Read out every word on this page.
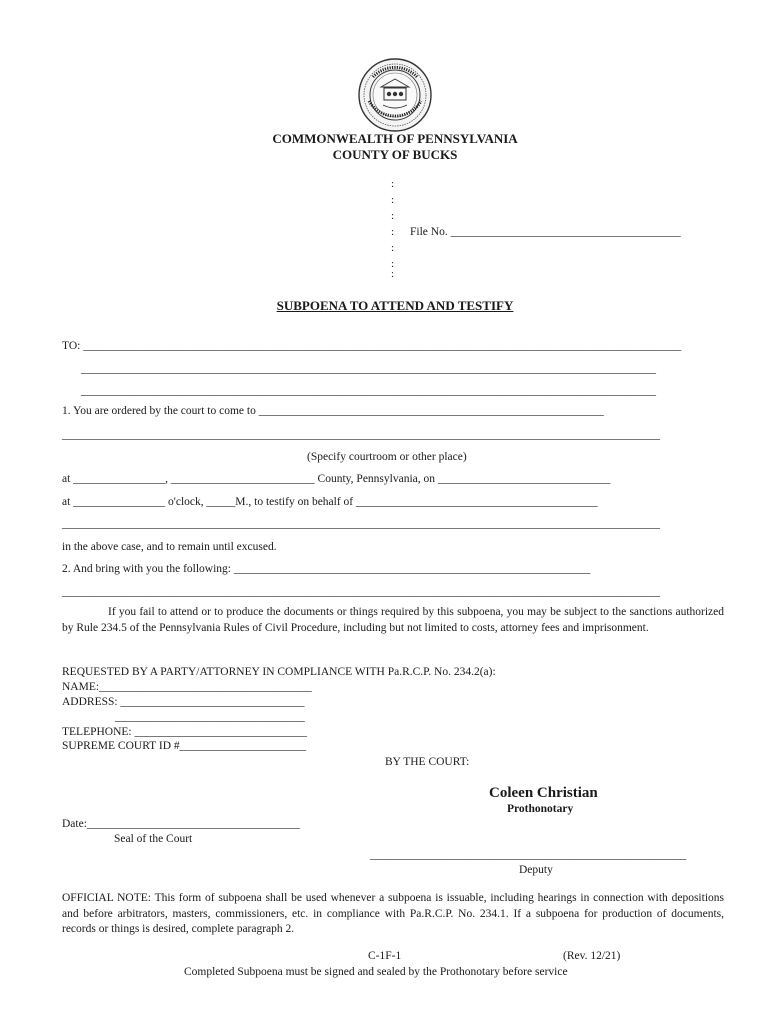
COMMONWEALTH OF PENNSYLVANIA
COUNTY OF BUCKS
:
:
:
:
:
:
:
File No. ________________________________________
SUBPOENA TO ATTEND AND TESTIFY
TO: ________________________________________________________________________________________________________
____________________________________________________________________________________________________
____________________________________________________________________________________________________
1. You are ordered by the court to come to ____________________________________________________________
________________________________________________________________________________________________________
(Specify courtroom or other place)
at ________________, _________________________ County, Pennsylvania, on ______________________________
at ________________ o'clock, _____M., to testify on behalf of __________________________________________
________________________________________________________________________________________________________
in the above case, and to remain until excused.
2. And bring with you the following: ______________________________________________________________
________________________________________________________________________________________________________
If you fail to attend or to produce the documents or things required by this subpoena, you may be subject to the sanctions authorized by Rule 234.5 of the Pennsylvania Rules of Civil Procedure, including but not limited to costs, attorney fees and imprisonment.
REQUESTED BY A PARTY/ATTORNEY IN COMPLIANCE WITH Pa.R.C.P. No. 234.2(a):
NAME:_____________________________________
ADDRESS: ________________________________
_________________________________
TELEPHONE: ______________________________
SUPREME COURT ID #______________________
BY THE COURT:
Coleen Christian
Prothonotary
Date:_____________________________________
Seal of the Court
_______________________________________________________
Deputy
OFFICIAL NOTE: This form of subpoena shall be used whenever a subpoena is issuable, including hearings in connection with depositions and before arbitrators, masters, commissioners, etc. in compliance with Pa.R.C.P. No. 234.1. If a subpoena for production of documents, records or things is desired, complete paragraph 2.
C-1F-1	(Rev. 12/21)
Completed Subpoena must be signed and sealed by the Prothonotary before service
